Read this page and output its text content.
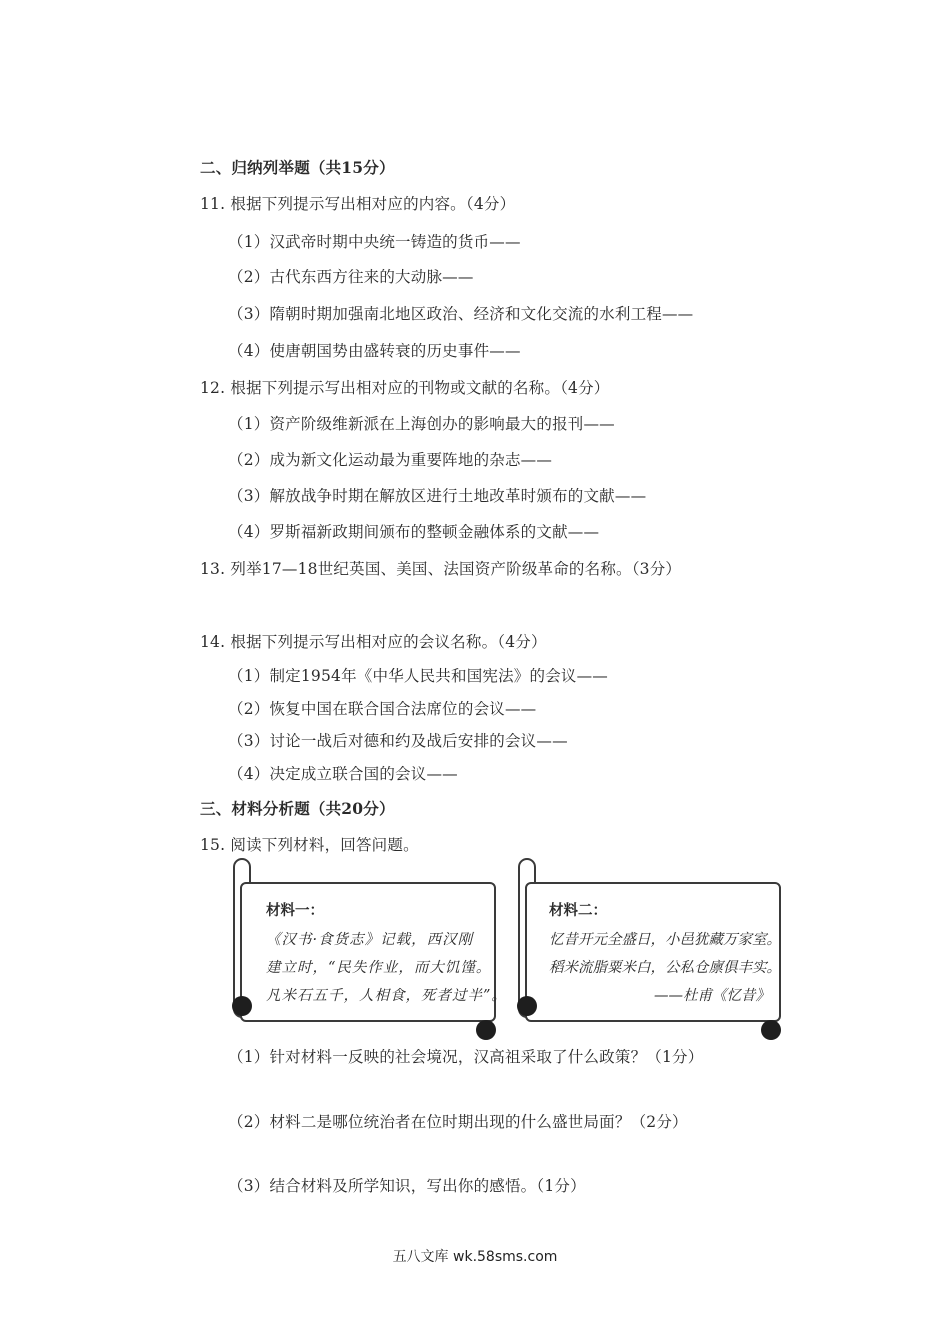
二、归纳列举题（共15分）
11. 根据下列提示写出相对应的内容。（4分）
（1）汉武帝时期中央统一铸造的货币——
（2）古代东西方往来的大动脉——
（3）隋朝时期加强南北地区政治、经济和文化交流的水利工程——
（4）使唐朝国势由盛转衰的历史事件——
12. 根据下列提示写出相对应的刊物或文献的名称。（4分）
（1）资产阶级维新派在上海创办的影响最大的报刊——
（2）成为新文化运动最为重要阵地的杂志——
（3）解放战争时期在解放区进行土地改革时颁布的文献——
（4）罗斯福新政期间颁布的整顿金融体系的文献——
13. 列举17—18世纪英国、美国、法国资产阶级革命的名称。（3分）
14. 根据下列提示写出相对应的会议名称。（4分）
（1）制定1954年《中华人民共和国宪法》的会议——
（2）恢复中国在联合国合法席位的会议——
（3）讨论一战后对德和约及战后安排的会议——
（4）决定成立联合国的会议——
三、材料分析题（共20分）
15. 阅读下列材料，回答问题。
材料一：
《汉书·食货志》记载，西汉刚
建立时，“民失作业，而大饥馑。
凡米石五千，人相食，死者过半”。
材料二：
忆昔开元全盛日，小邑犹藏万家室。
稻米流脂粟米白，公私仓廪俱丰实。
——杜甫《忆昔》
（1）针对材料一反映的社会境况，汉高祖采取了什么政策？（1分）
（2）材料二是哪位统治者在位时期出现的什么盛世局面？（2分）
（3）结合材料及所学知识，写出你的感悟。（1分）
五八文库 wk.58sms.com
